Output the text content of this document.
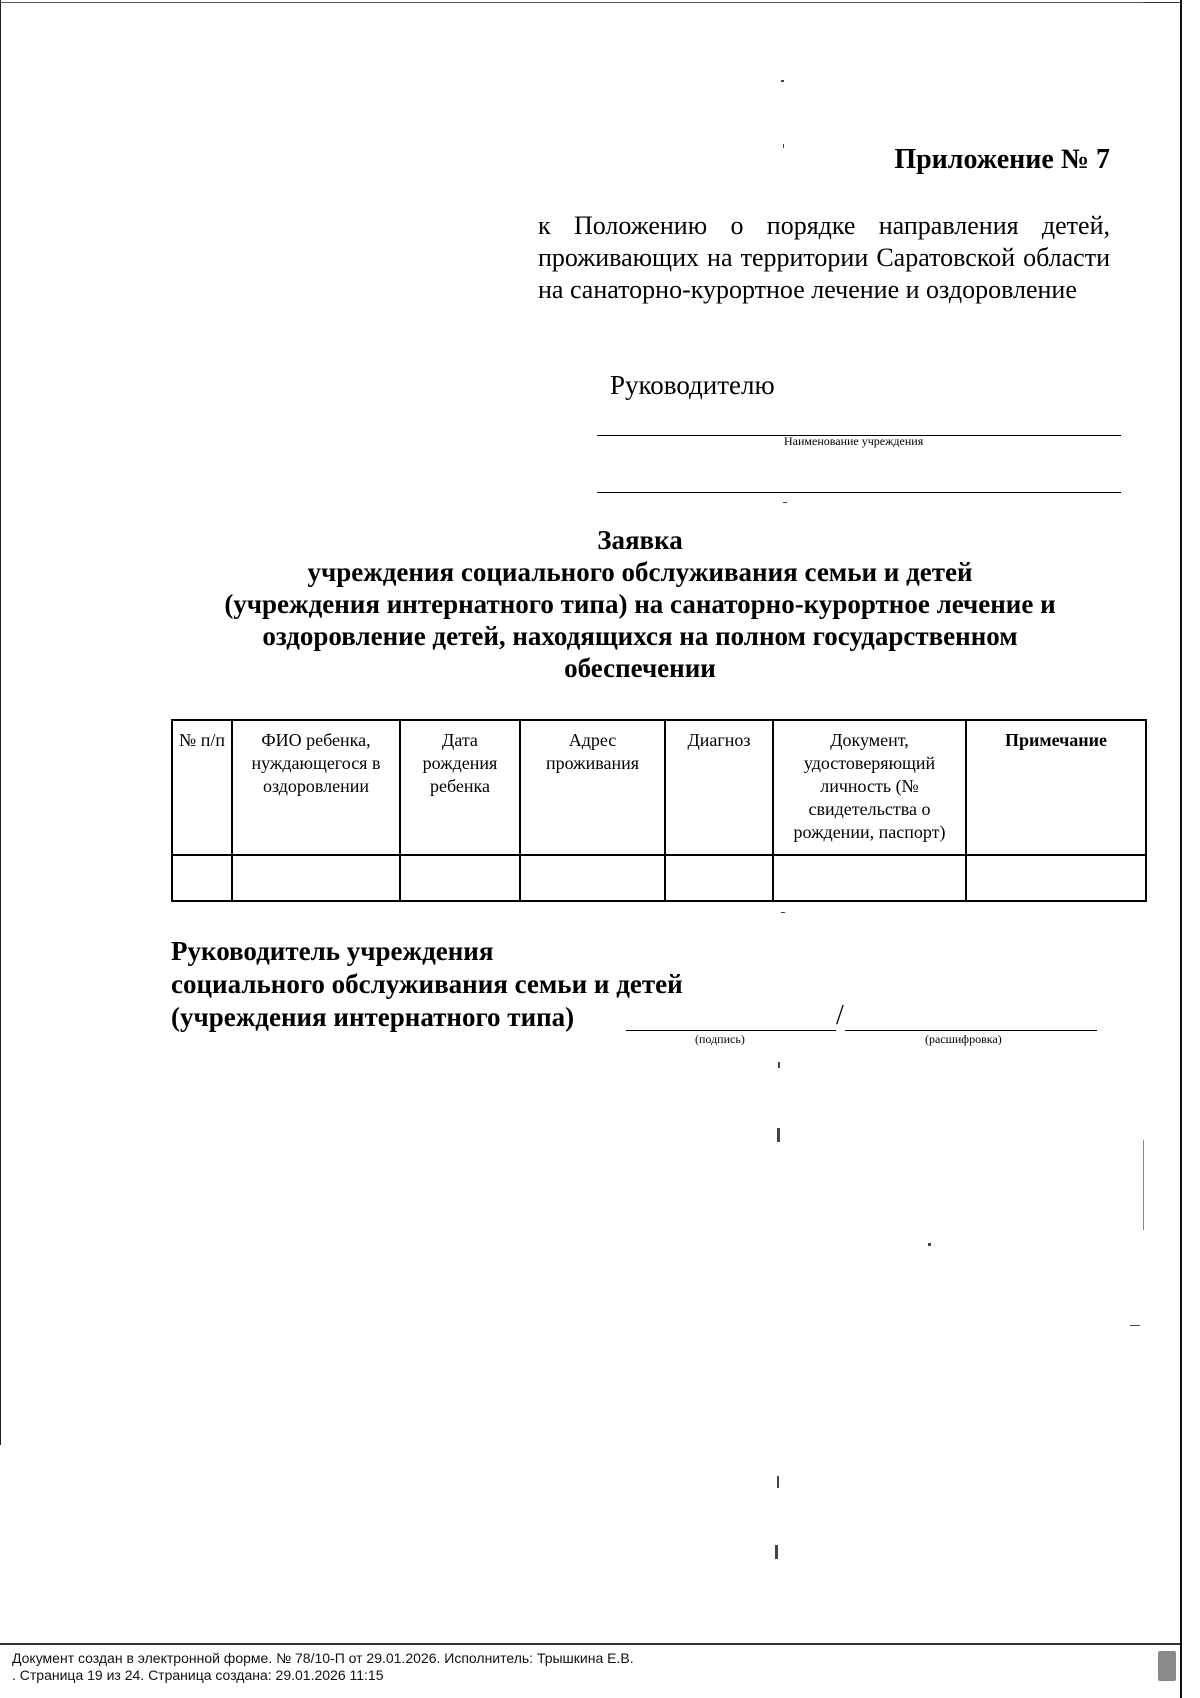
Приложение № 7
к Положению о порядке направления детей, проживающих на территории Саратовской области на санаторно-курортное лечение и оздоровление
Руководителю
Наименование учреждения
Заявка
учреждения социального обслуживания семьи и детей
(учреждения интернатного типа) на санаторно-курортное лечение и
оздоровление детей, находящихся на полном государственном
обеспечении
№ п/п	ФИО ребенка, нуждающегося в оздоровлении	Дата рождения ребенка	Адрес проживания	Диагноз	Документ, удостоверяющий личность (№ свидетельства о рождении, паспорт)	Примечание

Руководитель учреждения
социального обслуживания семьи и детей
(учреждения интернатного типа)	/
(подпись)	(расшифровка)
Документ создан в электронной форме. № 78/10-П от 29.01.2026. Исполнитель: Трышкина Е.В.
. Страница 19 из 24. Страница создана: 29.01.2026 11:15
